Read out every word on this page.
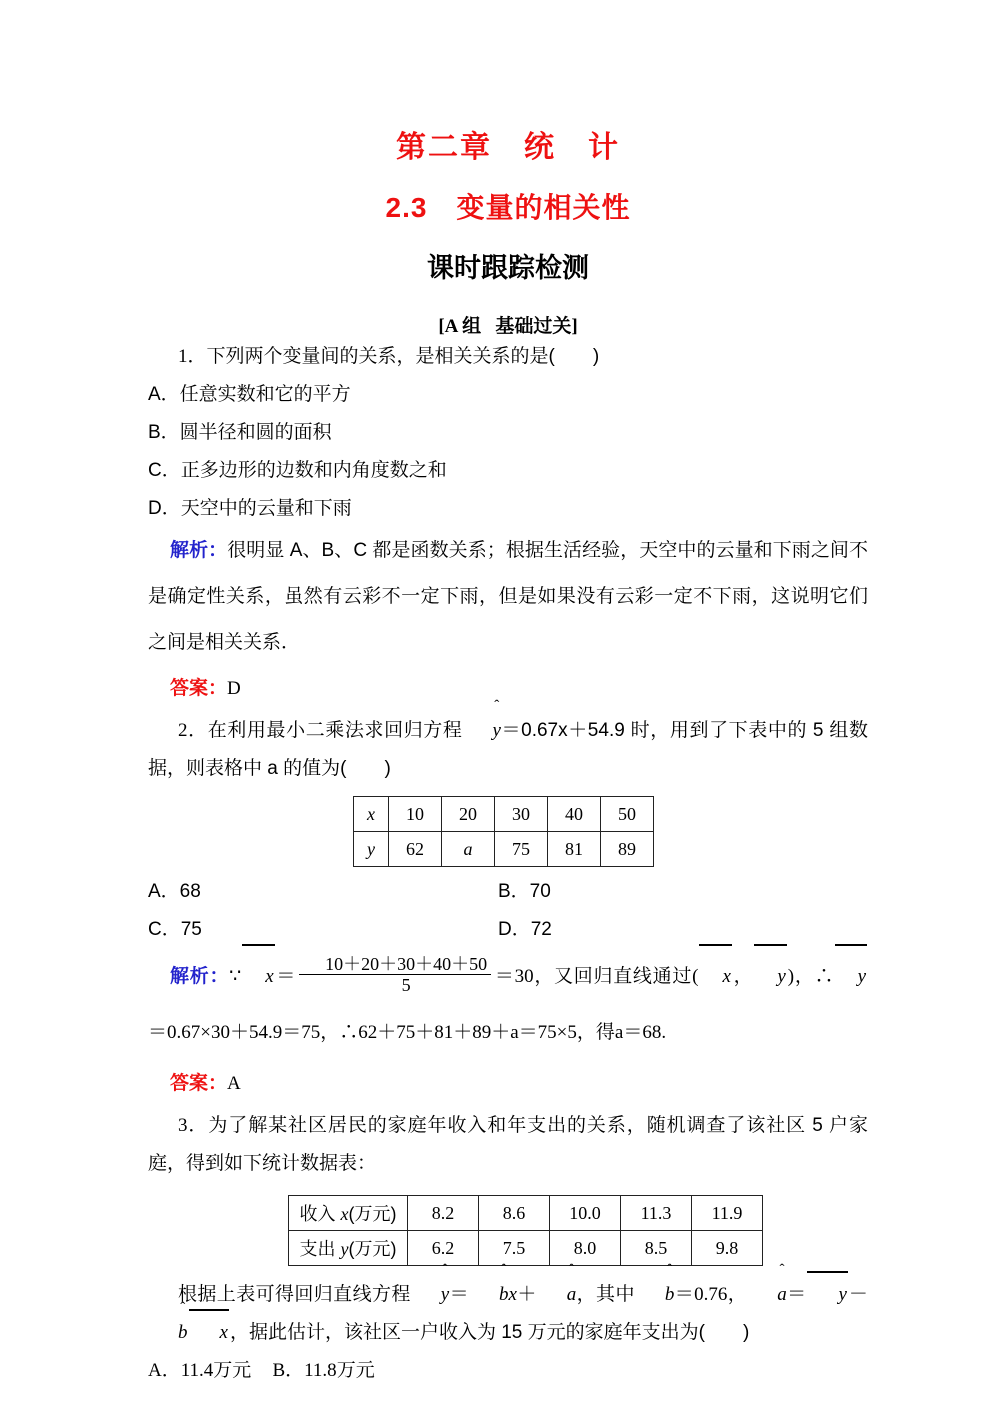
第二章　统　计
2.3　变量的相关性
课时跟踪检测
[A 组 基础过关]
1．下列两个变量间的关系，是相关关系的是(　　)
A．任意实数和它的平方
B．圆半径和圆的面积
C．正多边形的边数和内角度数之和
D．天空中的云量和下雨
解析：很明显 A、B、C 都是函数关系；根据生活经验，天空中的云量和下雨之间不是确定性关系，虽然有云彩不一定下雨，但是如果没有云彩一定不下雨，这说明它们之间是相关关系．
答案：D
2．在利用最小二乘法求回归方程 ˆ y＝0.67x＋54.9 时，用到了下表中的 5 组数据，则表格中 a 的值为(　　)
x	10	20	30	40	50
y	62	a	75	81	89
A．68	B．70
C．75	D．72
解析：∵ $x = \frac{10+20+30+40+50}{5} =30$，又回归直线通过( x ， y )，∴ y＝0.67×30＋54.9＝75，∴62＋75＋81＋89＋a＝75×5，得a＝68.
答案：A
3．为了解某社区居民的家庭年收入和年支出的关系，随机调查了该社区 5 户家庭，得到如下统计数据表：
收入 x(万元)	8.2	8.6	10.0	11.3	11.9
支出 y(万元)	6.2	7.5	8.0	8.5	9.8
根据上表可得回归直线方程 ˆ y＝ ˆ bx＋ ˆ a，其中 ˆ b＝0.76， ˆ a＝ y －ˆ b x ，据此估计，该社区一户收入为 15 万元的家庭年支出为(　　)
A．11.4万元 B．11.8万元
